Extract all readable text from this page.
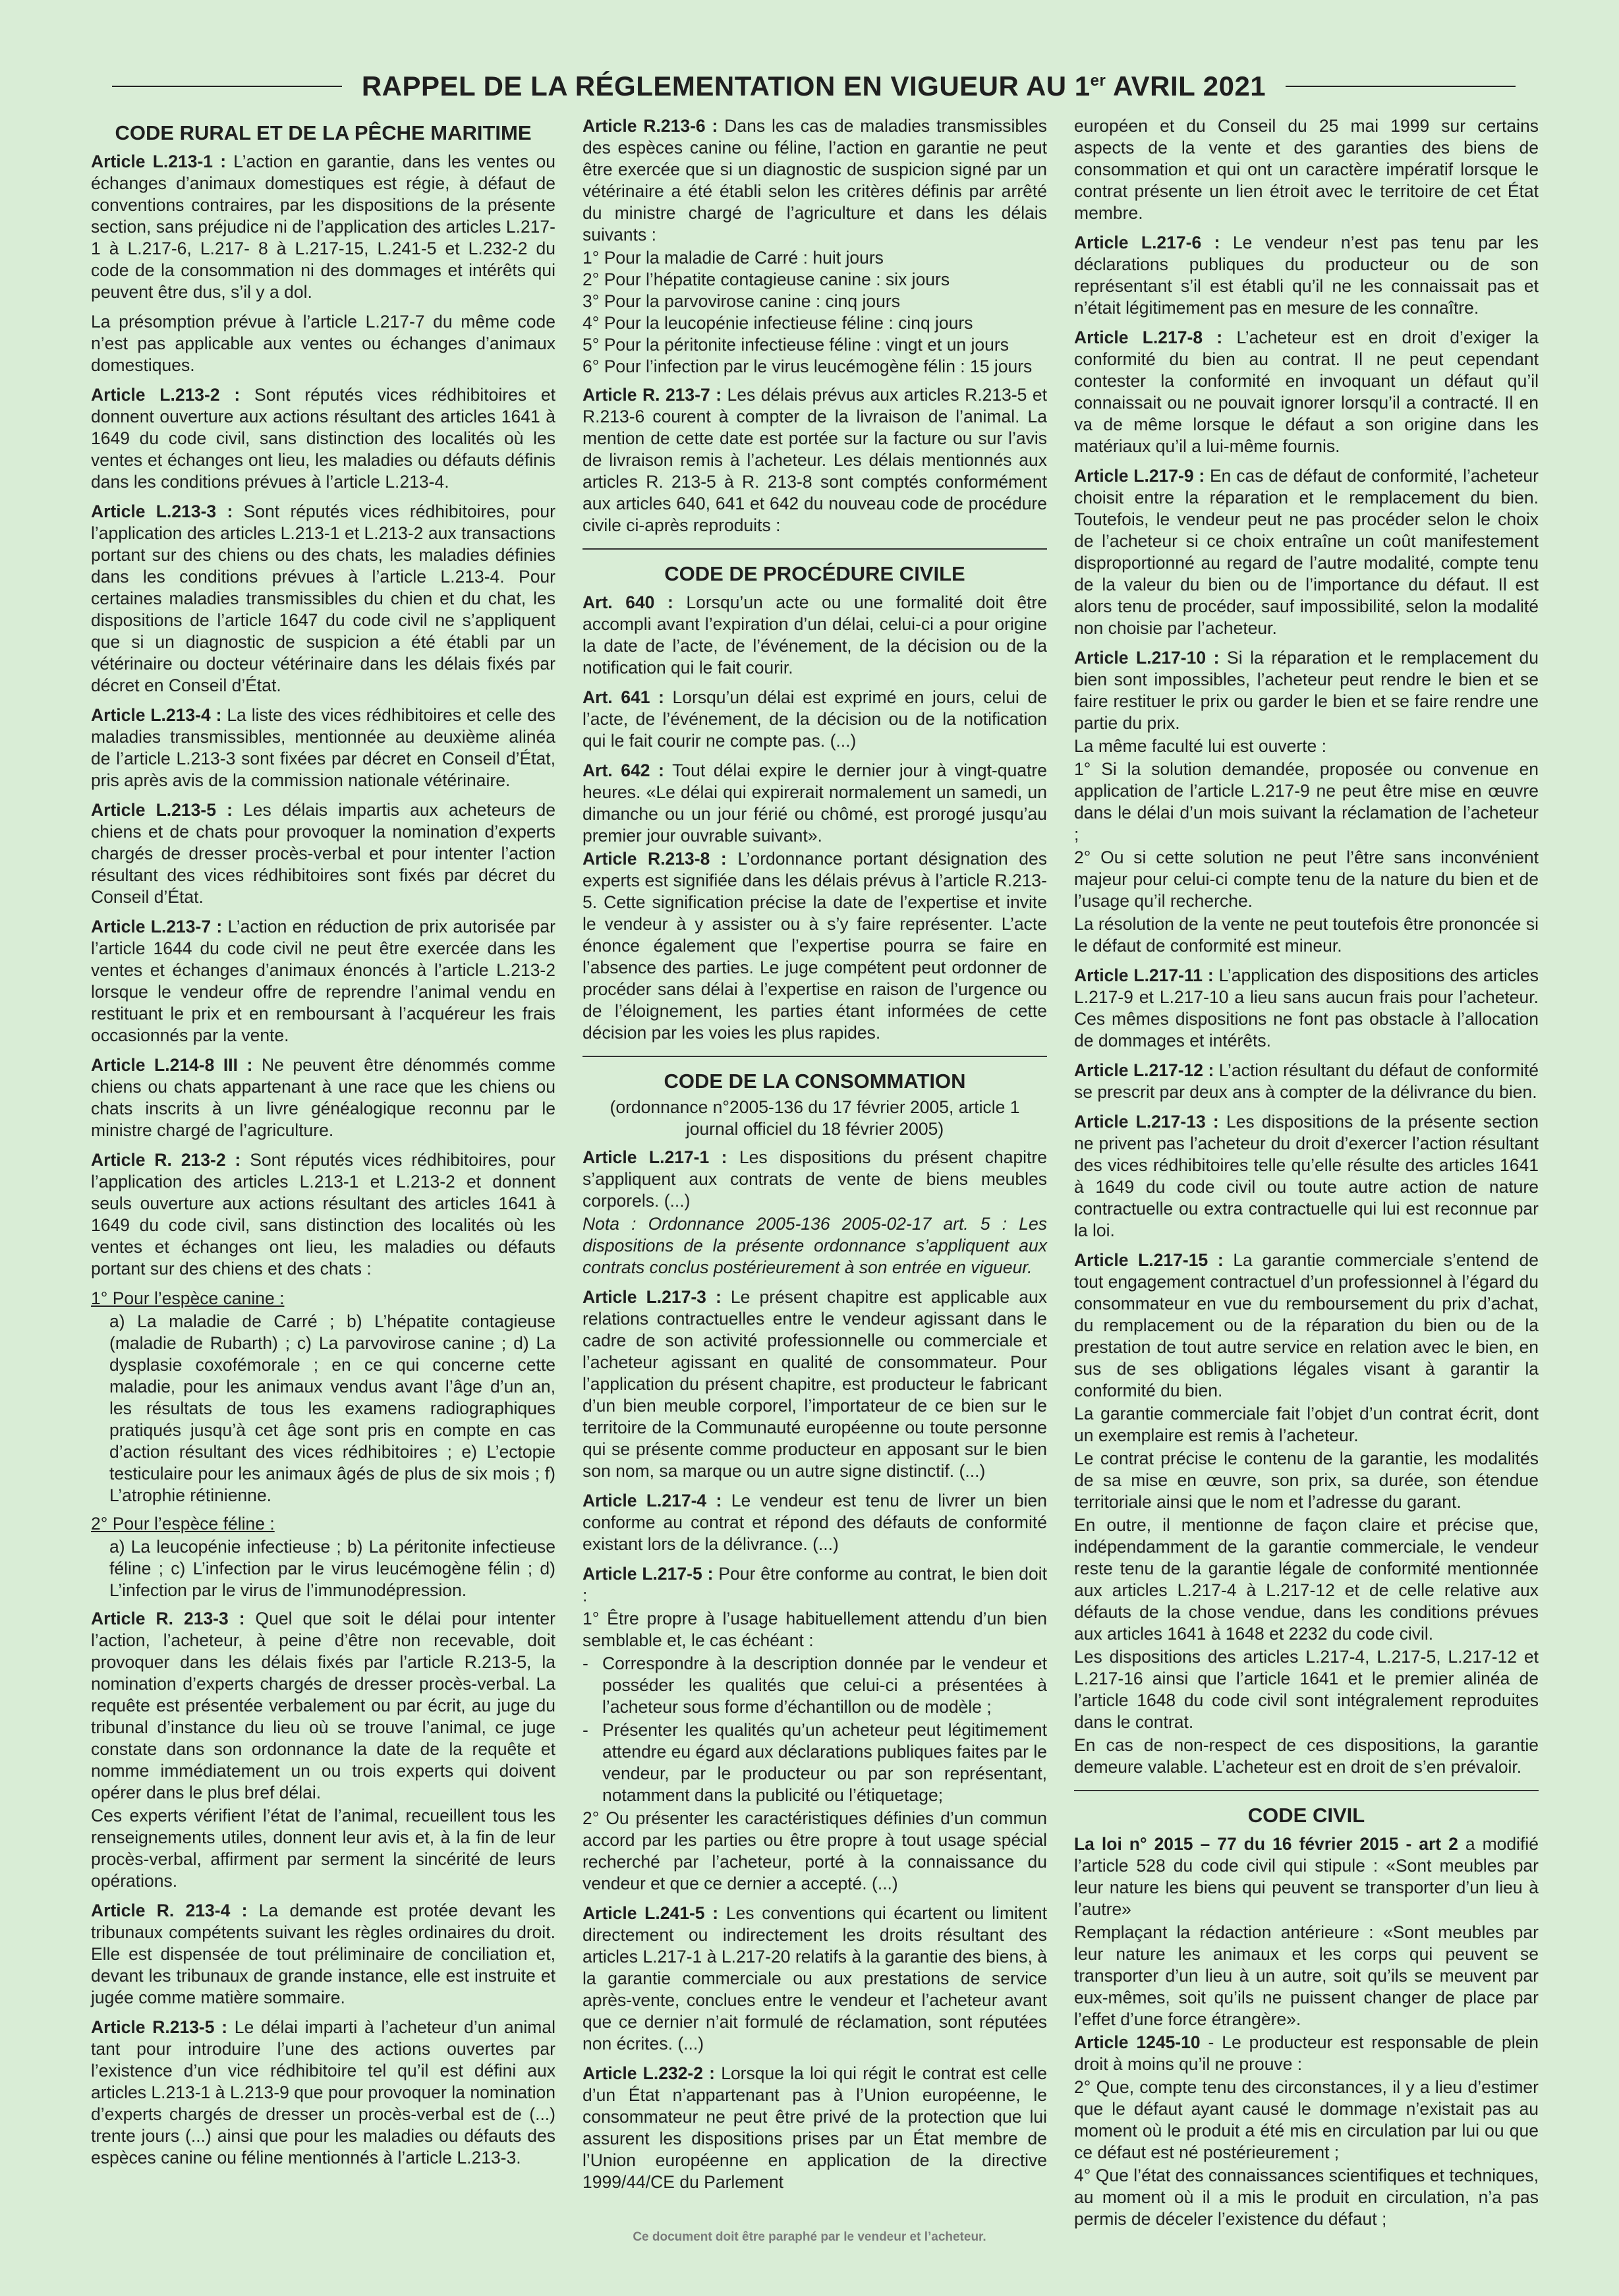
RAPPEL DE LA RÉGLEMENTATION EN VIGUEUR AU 1er AVRIL 2021
CODE RURAL ET DE LA PÊCHE MARITIME

Article L.213-1 : L’action en garantie, dans les ventes ou échanges d’animaux domestiques est régie, à défaut de conventions contraires, par les dispositions de la présente section, sans préjudice ni de l’application des articles L.217-1 à L.217-6, L.217- 8 à L.217-15, L.241-5 et L.232-2 du code de la consommation ni des dommages et intérêts qui peuvent être dus, s’il y a dol.

La présomption prévue à l’article L.217-7 du même code n’est pas applicable aux ventes ou échanges d’animaux domestiques.

Article L.213-2 : Sont réputés vices rédhibitoires et donnent ouverture aux actions résultant des articles 1641 à 1649 du code civil, sans distinction des localités où les ventes et échanges ont lieu, les maladies ou défauts définis dans les conditions prévues à l’article L.213-4.

Article L.213-3 : Sont réputés vices rédhibitoires, pour l’application des articles L.213-1 et L.213-2 aux transactions portant sur des chiens ou des chats, les maladies définies dans les conditions prévues à l’article L.213-4. Pour certaines maladies transmissibles du chien et du chat, les dispositions de l’article 1647 du code civil ne s’appliquent que si un diagnostic de suspicion a été établi par un vétérinaire ou docteur vétérinaire dans les délais fixés par décret en Conseil d’État.

Article L.213-4 : La liste des vices rédhibitoires et celle des maladies transmissibles, mentionnée au deuxième alinéa de l’article L.213-3 sont fixées par décret en Conseil d’État, pris après avis de la commission nationale vétérinaire.

Article L.213-5 : Les délais impartis aux acheteurs de chiens et de chats pour provoquer la nomination d’experts chargés de dresser procès-verbal et pour intenter l’action résultant des vices rédhibitoires sont fixés par décret du Conseil d’État.

Article L.213-7 : L’action en réduction de prix autorisée par l’article 1644 du code civil ne peut être exercée dans les ventes et échanges d’animaux énoncés à l’article L.213-2 lorsque le vendeur offre de reprendre l’animal vendu en restituant le prix et en remboursant à l’acquéreur les frais occasionnés par la vente.

Article L.214-8 III : Ne peuvent être dénommés comme chiens ou chats appartenant à une race que les chiens ou chats inscrits à un livre généalogique reconnu par le ministre chargé de l’agriculture.

Article R. 213-2 : Sont réputés vices rédhibitoires, pour l’application des articles L.213-1 et L.213-2 et donnent seuls ouverture aux actions résultant des articles 1641 à 1649 du code civil, sans distinction des localités où les ventes et échanges ont lieu, les maladies ou défauts portant sur des chiens et des chats :

1° Pour l’espèce canine :

a) La maladie de Carré ; b) L’hépatite contagieuse (maladie de Rubarth) ; c) La parvovirose canine ; d) La dysplasie coxofémorale ; en ce qui concerne cette maladie, pour les animaux vendus avant l’âge d’un an, les résultats de tous les examens radiographiques pratiqués jusqu’à cet âge sont pris en compte en cas d’action résultant des vices rédhibitoires ; e) L’ectopie testiculaire pour les animaux âgés de plus de six mois ; f) L’atrophie rétinienne.

2° Pour l’espèce féline :

a) La leucopénie infectieuse ; b) La péritonite infectieuse féline ; c) L’infection par le virus leucémogène félin ; d) L’infection par le virus de l’immunodépression.

Article R. 213-3 : Quel que soit le délai pour intenter l’action, l’acheteur, à peine d’être non recevable, doit provoquer dans les délais fixés par l’article R.213-5, la nomination d’experts chargés de dresser procès-verbal. La requête est présentée verbalement ou par écrit, au juge du tribunal d’instance du lieu où se trouve l’animal, ce juge constate dans son ordonnance la date de la requête et nomme immédiatement un ou trois experts qui doivent opérer dans le plus bref délai.

Ces experts vérifient l’état de l’animal, recueillent tous les renseignements utiles, donnent leur avis et, à la fin de leur procès-verbal, affirment par serment la sincérité de leurs opérations.

Article R. 213-4 : La demande est protée devant les tribunaux compétents suivant les règles ordinaires du droit. Elle est dispensée de tout préliminaire de conciliation et, devant les tribunaux de grande instance, elle est instruite et jugée comme matière sommaire.

Article R.213-5 : Le délai imparti à l’acheteur d’un animal tant pour introduire l’une des actions ouvertes par l’existence d’un vice rédhibitoire tel qu’il est défini aux articles L.213-1 à L.213-9 que pour provoquer la nomination d’experts chargés de dresser un procès-verbal est de (...) trente jours (...) ainsi que pour les maladies ou défauts des espèces canine ou féline mentionnés à l’article L.213-3.

Article R.213-6 : Dans les cas de maladies transmissibles des espèces canine ou féline, l’action en garantie ne peut être exercée que si un diagnostic de suspicion signé par un vétérinaire a été établi selon les critères définis par arrêté du ministre chargé de l’agriculture et dans les délais suivants :

1° Pour la maladie de Carré : huit jours
2° Pour l’hépatite contagieuse canine : six jours
3° Pour la parvovirose canine : cinq jours
4° Pour la leucopénie infectieuse féline : cinq jours
5° Pour la péritonite infectieuse féline : vingt et un jours
6° Pour l’infection par le virus leucémogène félin : 15 jours

Article R. 213-7 : Les délais prévus aux articles R.213-5 et R.213-6 courent à compter de la livraison de l’animal. La mention de cette date est portée sur la facture ou sur l’avis de livraison remis à l’acheteur. Les délais mentionnés aux articles R. 213-5 à R. 213-8 sont comptés conformément aux articles 640, 641 et 642 du nouveau code de procédure civile ci-après reproduits :

CODE DE PROCÉDURE CIVILE

Art. 640 : Lorsqu’un acte ou une formalité doit être accompli avant l’expiration d’un délai, celui-ci a pour origine la date de l’acte, de l’événement, de la décision ou de la notification qui le fait courir.

Art. 641 : Lorsqu’un délai est exprimé en jours, celui de l’acte, de l’événement, de la décision ou de la notification qui le fait courir ne compte pas. (...)

Art. 642 : Tout délai expire le dernier jour à vingt-quatre heures. «Le délai qui expirerait normalement un samedi, un dimanche ou un jour férié ou chômé, est prorogé jusqu’au premier jour ouvrable suivant».

Article R.213-8 : L’ordonnance portant désignation des experts est signifiée dans les délais prévus à l’article R.213-5. Cette signification précise la date de l’expertise et invite le vendeur à y assister ou à s’y faire représenter. L’acte énonce également que l’expertise pourra se faire en l’absence des parties. Le juge compétent peut ordonner de procéder sans délai à l’expertise en raison de l’urgence ou de l’éloignement, les parties étant informées de cette décision par les voies les plus rapides.

CODE DE LA CONSOMMATION

(ordonnance n°2005-136 du 17 février 2005, article 1 journal officiel du 18 février 2005)

Article L.217-1 : Les dispositions du présent chapitre s’appliquent aux contrats de vente de biens meubles corporels. (...)

Nota : Ordonnance 2005-136 2005-02-17 art. 5 : Les dispositions de la présente ordonnance s’appliquent aux contrats conclus postérieurement à son entrée en vigueur.

Article L.217-3 : Le présent chapitre est applicable aux relations contractuelles entre le vendeur agissant dans le cadre de son activité professionnelle ou commerciale et l’acheteur agissant en qualité de consommateur. Pour l’application du présent chapitre, est producteur le fabricant d’un bien meuble corporel, l’importateur de ce bien sur le territoire de la Communauté européenne ou toute personne qui se présente comme producteur en apposant sur le bien son nom, sa marque ou un autre signe distinctif. (...)

Article L.217-4 : Le vendeur est tenu de livrer un bien conforme au contrat et répond des défauts de conformité existant lors de la délivrance. (...)

Article L.217-5 : Pour être conforme au contrat, le bien doit :

1° Être propre à l’usage habituellement attendu d’un bien semblable et, le cas échéant :

- Correspondre à la description donnée par le vendeur et posséder les qualités que celui-ci a présentées à l’acheteur sous forme d’échantillon ou de modèle ;
- Présenter les qualités qu’un acheteur peut légitimement attendre eu égard aux déclarations publiques faites par le vendeur, par le producteur ou par son représentant, notamment dans la publicité ou l’étiquetage;

2° Ou présenter les caractéristiques définies d’un commun accord par les parties ou être propre à tout usage spécial recherché par l’acheteur, porté à la connaissance du vendeur et que ce dernier a accepté. (...)

Article L.241-5 : Les conventions qui écartent ou limitent directement ou indirectement les droits résultant des articles L.217-1 à L.217-20 relatifs à la garantie des biens, à la garantie commerciale ou aux prestations de service après-vente, conclues entre le vendeur et l’acheteur avant que ce dernier n’ait formulé de réclamation, sont réputées non écrites. (...)

Article L.232-2 : Lorsque la loi qui régit le contrat est celle d’un État n’appartenant pas à l’Union européenne, le consommateur ne peut être privé de la protection que lui assurent les dispositions prises par un État membre de l’Union européenne en application de la directive 1999/44/CE du Parlement

européen et du Conseil du 25 mai 1999 sur certains aspects de la vente et des garanties des biens de consommation et qui ont un caractère impératif lorsque le contrat présente un lien étroit avec le territoire de cet État membre.

Article L.217-6 : Le vendeur n’est pas tenu par les déclarations publiques du producteur ou de son représentant s’il est établi qu’il ne les connaissait pas et n’était légitimement pas en mesure de les connaître.

Article L.217-8 : L’acheteur est en droit d’exiger la conformité du bien au contrat. Il ne peut cependant contester la conformité en invoquant un défaut qu’il connaissait ou ne pouvait ignorer lorsqu’il a contracté. Il en va de même lorsque le défaut a son origine dans les matériaux qu’il a lui-même fournis.

Article L.217-9 : En cas de défaut de conformité, l’acheteur choisit entre la réparation et le remplacement du bien. Toutefois, le vendeur peut ne pas procéder selon le choix de l’acheteur si ce choix entraîne un coût manifestement disproportionné au regard de l’autre modalité, compte tenu de la valeur du bien ou de l’importance du défaut. Il est alors tenu de procéder, sauf impossibilité, selon la modalité non choisie par l’acheteur.

Article L.217-10 : Si la réparation et le remplacement du bien sont impossibles, l’acheteur peut rendre le bien et se faire restituer le prix ou garder le bien et se faire rendre une partie du prix.

La même faculté lui est ouverte :

1° Si la solution demandée, proposée ou convenue en application de l’article L.217-9 ne peut être mise en œuvre dans le délai d’un mois suivant la réclamation de l’acheteur ;

2° Ou si cette solution ne peut l’être sans inconvénient majeur pour celui-ci compte tenu de la nature du bien et de l’usage qu’il recherche.

La résolution de la vente ne peut toutefois être prononcée si le défaut de conformité est mineur.

Article L.217-11 : L’application des dispositions des articles L.217-9 et L.217-10 a lieu sans aucun frais pour l’acheteur. Ces mêmes dispositions ne font pas obstacle à l’allocation de dommages et intérêts.

Article L.217-12 : L’action résultant du défaut de conformité se prescrit par deux ans à compter de la délivrance du bien.

Article L.217-13 : Les dispositions de la présente section ne privent pas l’acheteur du droit d’exercer l’action résultant des vices rédhibitoires telle qu’elle résulte des articles 1641 à 1649 du code civil ou toute autre action de nature contractuelle ou extra contractuelle qui lui est reconnue par la loi.

Article L.217-15 : La garantie commerciale s’entend de tout engagement contractuel d’un professionnel à l’égard du consommateur en vue du remboursement du prix d’achat, du remplacement ou de la réparation du bien ou de la prestation de tout autre service en relation avec le bien, en sus de ses obligations légales visant à garantir la conformité du bien.

La garantie commerciale fait l’objet d’un contrat écrit, dont un exemplaire est remis à l’acheteur.

Le contrat précise le contenu de la garantie, les modalités de sa mise en œuvre, son prix, sa durée, son étendue territoriale ainsi que le nom et l’adresse du garant.

En outre, il mentionne de façon claire et précise que, indépendamment de la garantie commerciale, le vendeur reste tenu de la garantie légale de conformité mentionnée aux articles L.217-4 à L.217-12 et de celle relative aux défauts de la chose vendue, dans les conditions prévues aux articles 1641 à 1648 et 2232 du code civil.

Les dispositions des articles L.217-4, L.217-5, L.217-12 et L.217-16 ainsi que l’article 1641 et le premier alinéa de l’article 1648 du code civil sont intégralement reproduites dans le contrat.

En cas de non-respect de ces dispositions, la garantie demeure valable. L’acheteur est en droit de s’en prévaloir.

CODE CIVIL

La loi n° 2015 – 77 du 16 février 2015 - art 2 a modifié l’article 528 du code civil qui stipule : «Sont meubles par leur nature les biens qui peuvent se transporter d’un lieu à l’autre»

Remplaçant la rédaction antérieure : «Sont meubles par leur nature les animaux et les corps qui peuvent se transporter d’un lieu à un autre, soit qu’ils se meuvent par eux-mêmes, soit qu’ils ne puissent changer de place par l’effet d’une force étrangère».

Article 1245-10 - Le producteur est responsable de plein droit à moins qu’il ne prouve :

2° Que, compte tenu des circonstances, il y a lieu d’estimer que le défaut ayant causé le dommage n’existait pas au moment où le produit a été mis en circulation par lui ou que ce défaut est né postérieurement ;

4° Que l’état des connaissances scientifiques et techniques, au moment où il a mis le produit en circulation, n’a pas permis de déceler l’existence du défaut ;

Ce document doit être paraphé par le vendeur et l’acheteur.
